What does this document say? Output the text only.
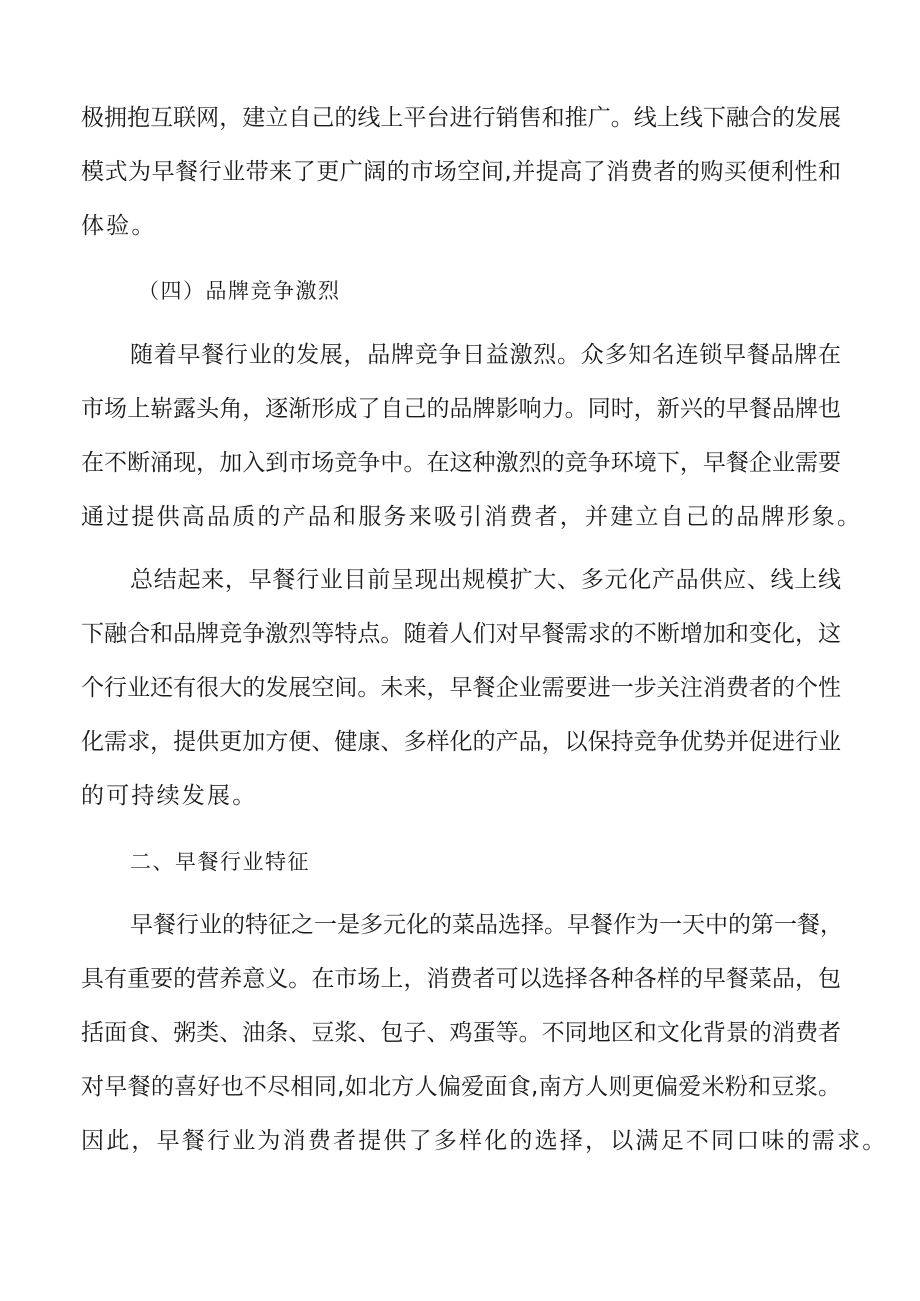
极拥抱互联网，建立自己的线上平台进行销售和推广。线上线下融合的发展
模式为早餐行业带来了更广阔的市场空间,并提高了消费者的购买便利性和
体验。
（四）品牌竞争激烈
随着早餐行业的发展，品牌竞争日益激烈。众多知名连锁早餐品牌在
市场上崭露头角，逐渐形成了自己的品牌影响力。同时，新兴的早餐品牌也
在不断涌现，加入到市场竞争中。在这种激烈的竞争环境下，早餐企业需要
通过提供高品质的产品和服务来吸引消费者，并建立自己的品牌形象。
总结起来，早餐行业目前呈现出规模扩大、多元化产品供应、线上线
下融合和品牌竞争激烈等特点。随着人们对早餐需求的不断增加和变化，这
个行业还有很大的发展空间。未来，早餐企业需要进一步关注消费者的个性
化需求，提供更加方便、健康、多样化的产品，以保持竞争优势并促进行业
的可持续发展。
二、早餐行业特征
早餐行业的特征之一是多元化的菜品选择。早餐作为一天中的第一餐，
具有重要的营养意义。在市场上，消费者可以选择各种各样的早餐菜品，包
括面食、粥类、油条、豆浆、包子、鸡蛋等。不同地区和文化背景的消费者
对早餐的喜好也不尽相同,如北方人偏爱面食,南方人则更偏爱米粉和豆浆。
因此，早餐行业为消费者提供了多样化的选择，以满足不同口味的需求。
